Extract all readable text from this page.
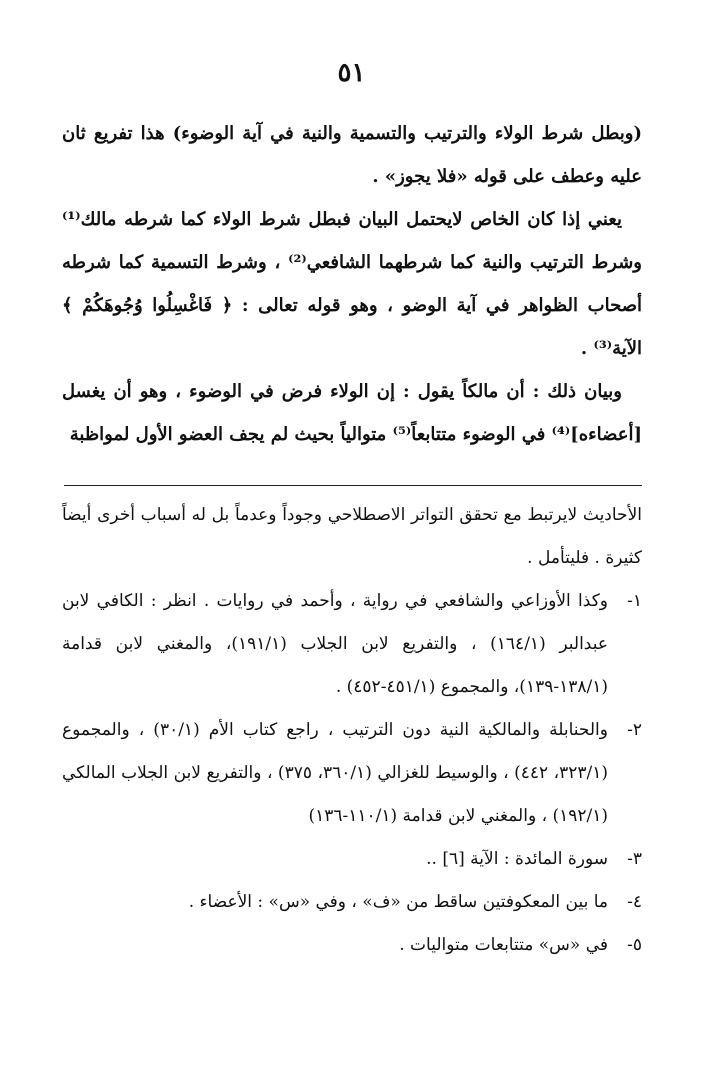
٥١

(وبطل شرط الولاء والترتيب والتسمية والنية في آية الوضوء) هذا تفريع ثان عليه وعطف على قوله «فلا يجوز» .

يعني إذا كان الخاص لايحتمل البيان فبطل شرط الولاء كما شرطه مالك⁽¹⁾ وشرط الترتيب والنية كما شرطهما الشافعي⁽²⁾ ، وشرط التسمية كما شرطه أصحاب الظواهر في آية الوضو ، وهو قوله تعالى : ﴿ فَاغْسِلُوا وُجُوهَكُمْ ﴾ الآية⁽³⁾ .

وبيان ذلك : أن مالكاً يقول : إن الولاء فرض في الوضوء ، وهو أن يغسل [أعضاءه]⁽⁴⁾ في الوضوء متتابعاً⁽⁵⁾ متوالياً بحيث لم يجف العضو الأول لمواظبة

الأحاديث لايرتبط مع تحقق التواتر الاصطلاحي وجوداً وعدماً بل له أسباب أخرى أيضاً كثيرة . فليتأمل .

١-
وكذا الأوزاعي والشافعي في رواية ، وأحمد في روايات . انظر : الكافي لابن عبدالبر (١٦٤/١) ، والتفريع لابن الجلاب (١٩١/١)، والمغني لابن قدامة (١٣٨/١-١٣٩)، والمجموع (٤٥١/١-٤٥٢) .
٢-
والحنابلة والمالكية النية دون الترتيب ، راجع كتاب الأم (٣٠/١) ، والمجموع (٣٢٣/١، ٤٤٢) ، والوسيط للغزالي (٣٦٠/١، ٣٧٥) ، والتفريع لابن الجلاب المالكي (١٩٢/١) ، والمغني لابن قدامة (١١٠/١-١٣٦)
٣-
سورة المائدة : الآية [٦] ..
٤-
ما بين المعكوفتين ساقط من «ف» ، وفي «س» : الأعضاء .
٥-
في «س» متتابعات متواليات .
